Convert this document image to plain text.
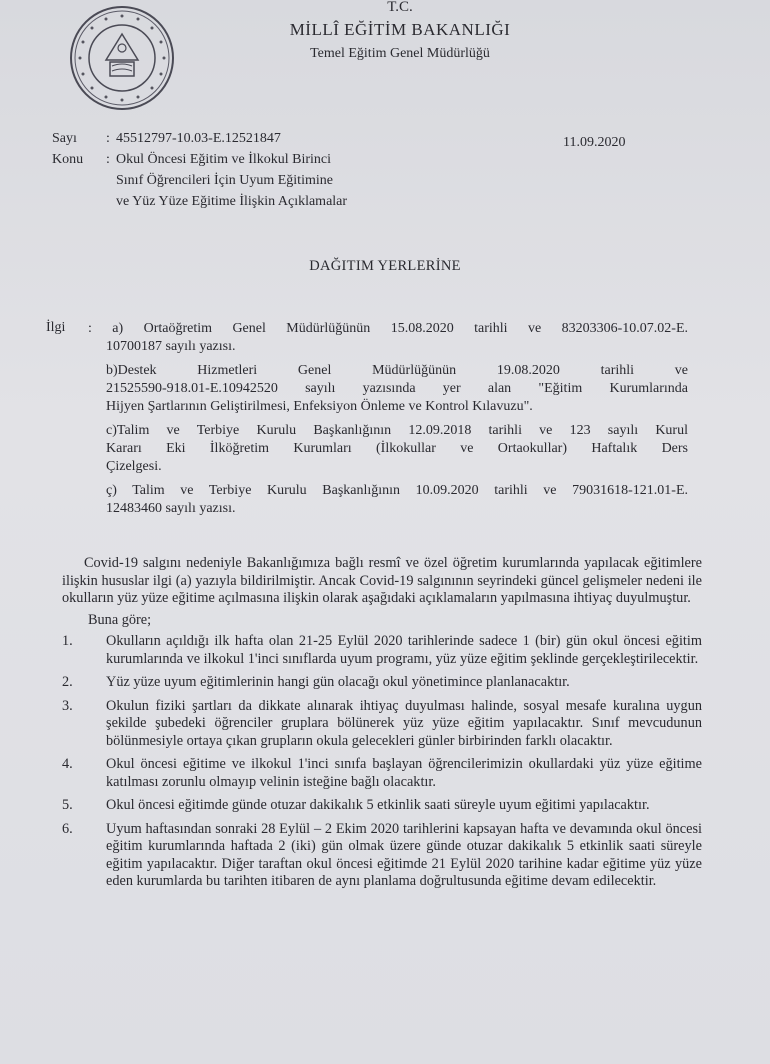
T.C.
MİLLÎ EĞİTİM BAKANLIĞI
Temel Eğitim Genel Müdürlüğü
Sayı	: 45512797-10.03-E.12521847
Konu	: Okul Öncesi Eğitim ve İlkokul Birinci
Sınıf Öğrencileri İçin Uyum Eğitimine
ve Yüz Yüze Eğitime İlişkin Açıklamalar
11.09.2020
DAĞITIM YERLERİNE
İlgi : a) Ortaöğretim Genel Müdürlüğünün 15.08.2020 tarihli ve 83203306-10.07.02-E.
10700187 sayılı yazısı.
b)Destek Hizmetleri Genel Müdürlüğünün 19.08.2020 tarihli ve
21525590-918.01-E.10942520 sayılı yazısında yer alan "Eğitim Kurumlarında
Hijyen Şartlarının Geliştirilmesi, Enfeksiyon Önleme ve Kontrol Kılavuzu".
c)Talim ve Terbiye Kurulu Başkanlığının 12.09.2018 tarihli ve 123 sayılı Kurul
Kararı Eki İlköğretim Kurumları (İlkokullar ve Ortaokullar) Haftalık Ders
Çizelgesi.
ç) Talim ve Terbiye Kurulu Başkanlığının 10.09.2020 tarihli ve 79031618-121.01-E.
12483460 sayılı yazısı.

Covid-19 salgını nedeniyle Bakanlığımıza bağlı resmî ve özel öğretim kurumlarında yapılacak eğitimlere ilişkin hususlar ilgi (a) yazıyla bildirilmiştir. Ancak Covid-19 salgınının seyrindeki güncel gelişmeler nedeni ile okulların yüz yüze eğitime açılmasına ilişkin olarak aşağıdaki açıklamaların yapılmasına ihtiyaç duyulmuştur.

Buna göre;

1.	Okulların açıldığı ilk hafta olan 21-25 Eylül 2020 tarihlerinde sadece 1 (bir) gün okul öncesi eğitim kurumlarında ve ilkokul 1'inci sınıflarda uyum programı, yüz yüze eğitim şeklinde gerçekleştirilecektir.
2.	Yüz yüze uyum eğitimlerinin hangi gün olacağı okul yönetimince planlanacaktır.
3.	Okulun fiziki şartları da dikkate alınarak ihtiyaç duyulması halinde, sosyal mesafe kuralına uygun şekilde şubedeki öğrenciler gruplara bölünerek yüz yüze eğitim yapılacaktır. Sınıf mevcudunun bölünmesiyle ortaya çıkan grupların okula gelecekleri günler birbirinden farklı olacaktır.
4.	Okul öncesi eğitime ve ilkokul 1'inci sınıfa başlayan öğrencilerimizin okullardaki yüz yüze eğitime katılması zorunlu olmayıp velinin isteğine bağlı olacaktır.
5.	Okul öncesi eğitimde günde otuzar dakikalık 5 etkinlik saati süreyle uyum eğitimi yapılacaktır.
6.	Uyum haftasından sonraki 28 Eylül – 2 Ekim 2020 tarihlerini kapsayan hafta ve devamında okul öncesi eğitim kurumlarında haftada 2 (iki) gün olmak üzere günde otuzar dakikalık 5 etkinlik saati süreyle eğitim yapılacaktır. Diğer taraftan okul öncesi eğitimde 21 Eylül 2020 tarihine kadar eğitime yüz yüze eden kurumlarda bu tarihten itibaren de aynı planlama doğrultusunda eğitime devam edilecektir.
